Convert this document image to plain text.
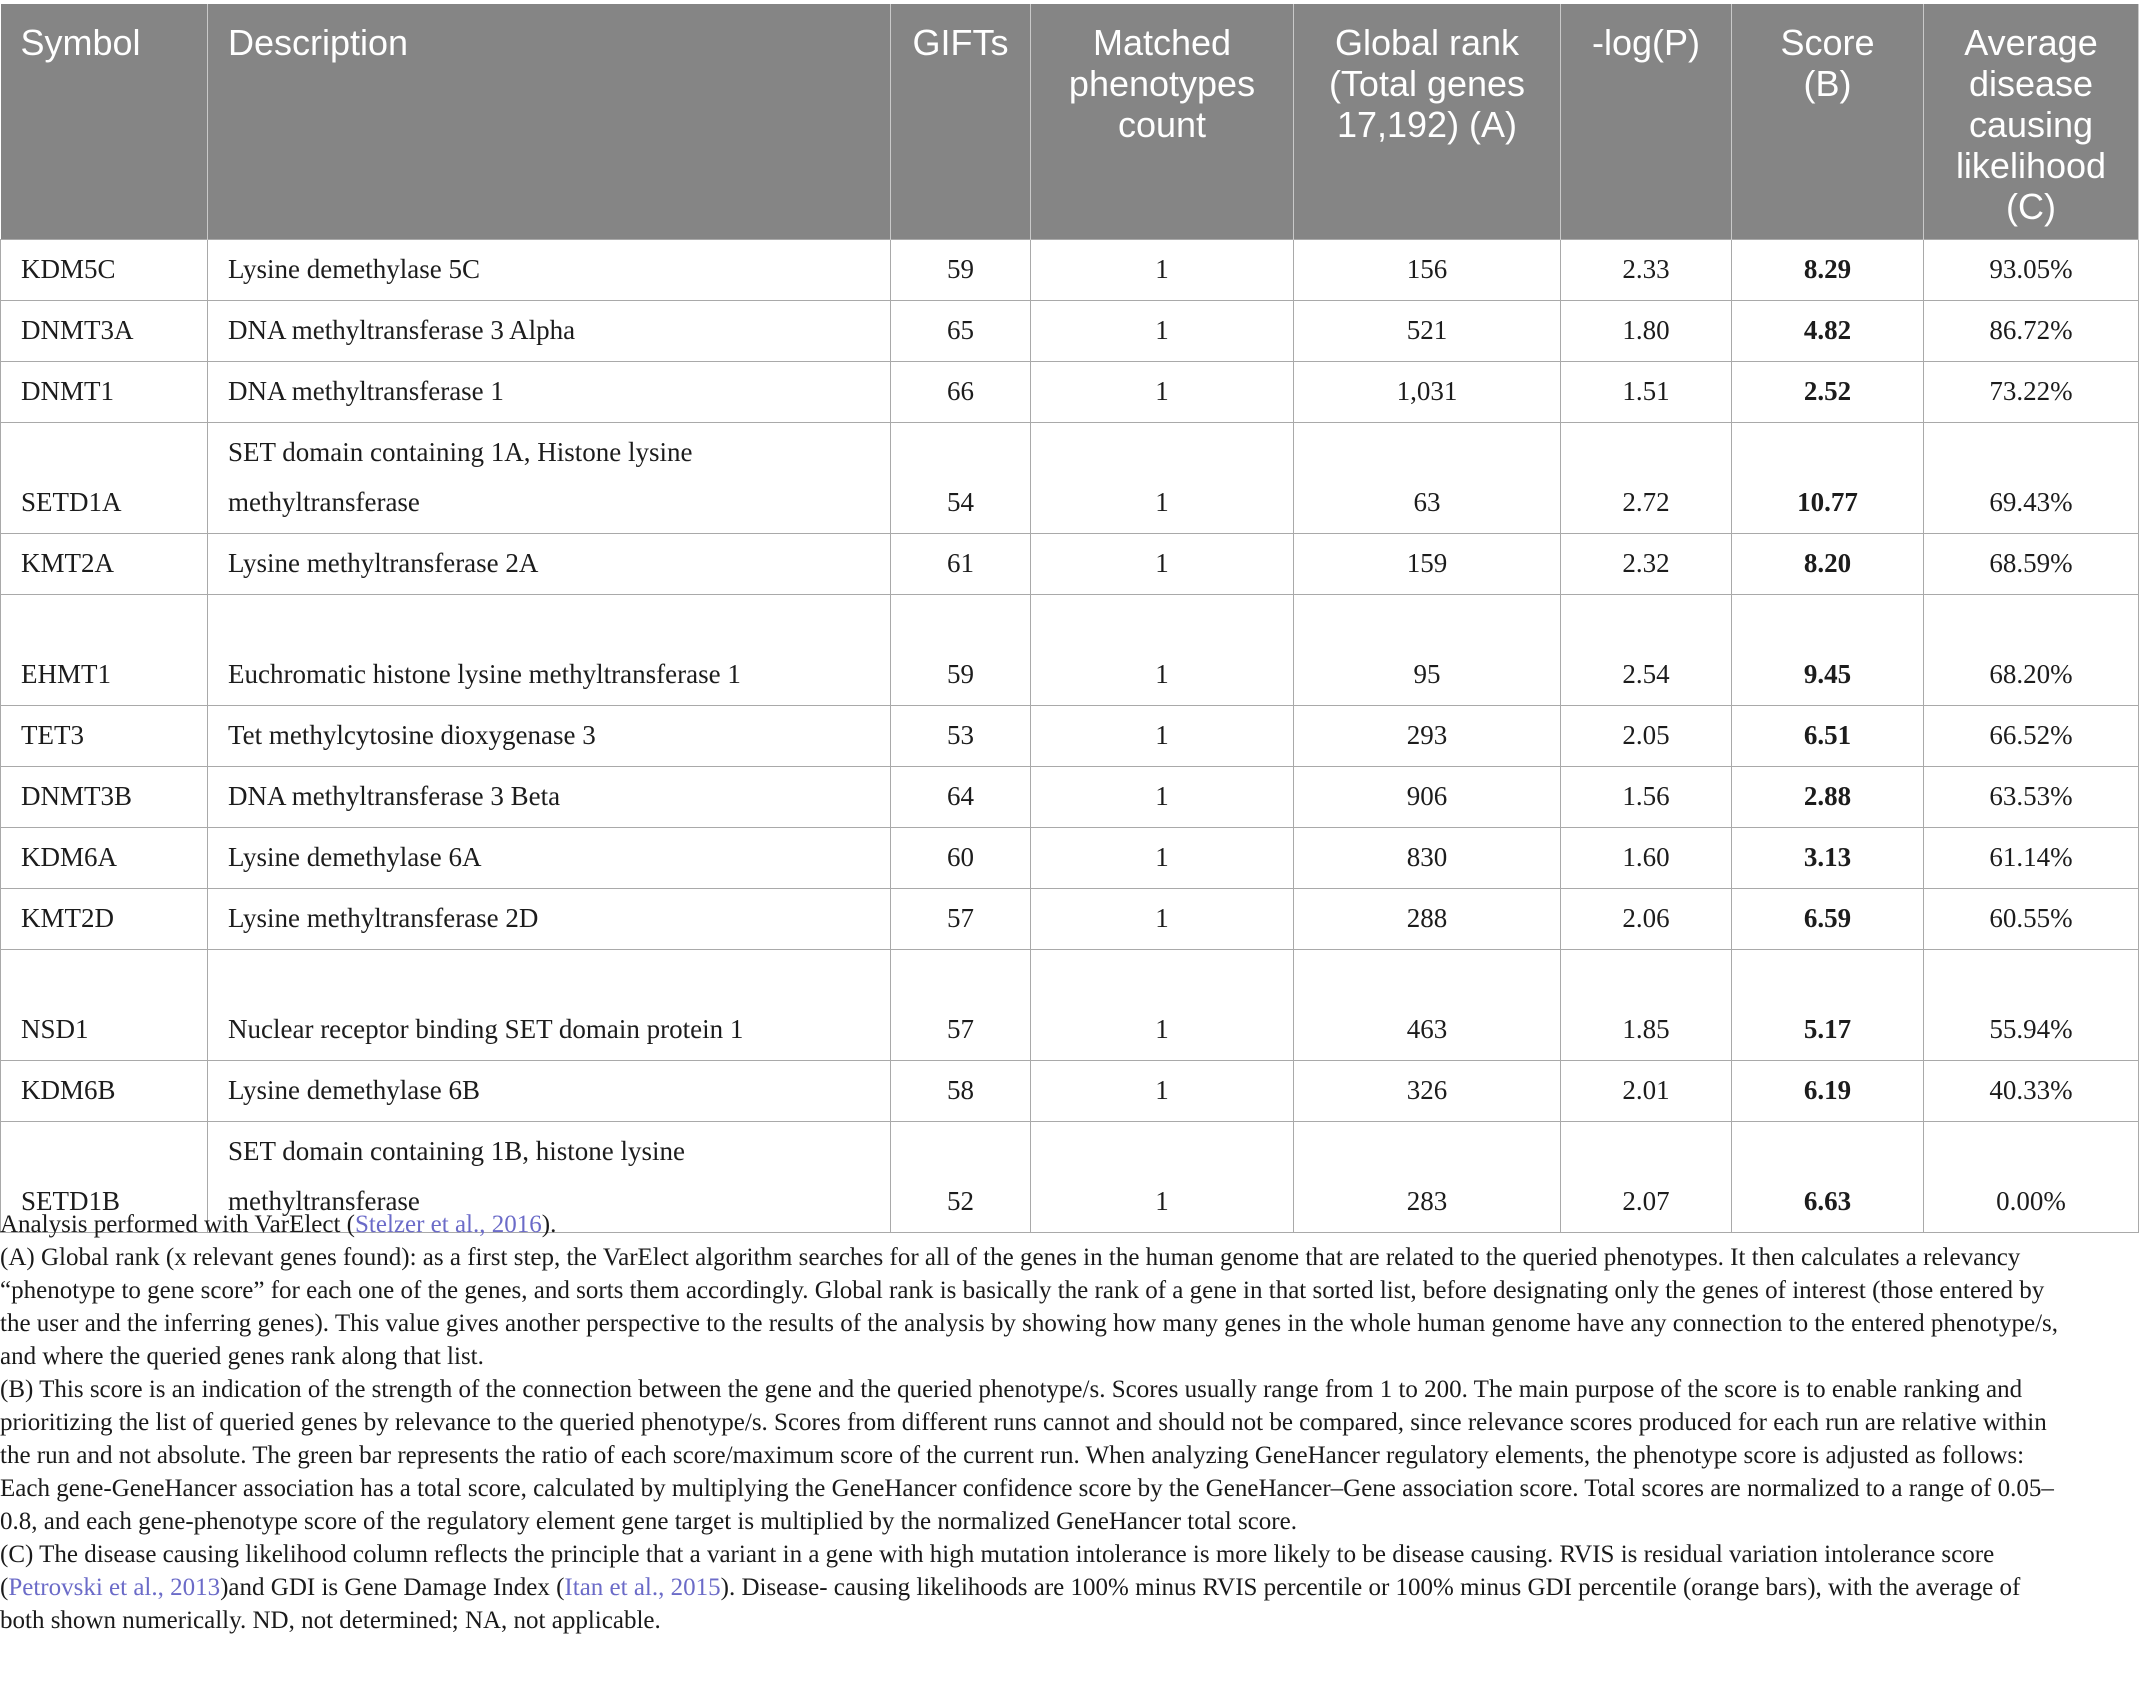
Symbol	Description	GIFTs	Matched phenotypes count	Global rank (Total genes 17,192) (A)	-log(P)	Score (B)	Average disease causing likelihood (C)
KDM5C	Lysine demethylase 5C	59	1	156	2.33	8.29	93.05%
DNMT3A	DNA methyltransferase 3 Alpha	65	1	521	1.80	4.82	86.72%
DNMT1	DNA methyltransferase 1	66	1	1,031	1.51	2.52	73.22%
SETD1A	SET domain containing 1A, Histone lysine methyltransferase	54	1	63	2.72	10.77	69.43%
KMT2A	Lysine methyltransferase 2A	61	1	159	2.32	8.20	68.59%
EHMT1	Euchromatic histone lysine methyltransferase 1	59	1	95	2.54	9.45	68.20%
TET3	Tet methylcytosine dioxygenase 3	53	1	293	2.05	6.51	66.52%
DNMT3B	DNA methyltransferase 3 Beta	64	1	906	1.56	2.88	63.53%
KDM6A	Lysine demethylase 6A	60	1	830	1.60	3.13	61.14%
KMT2D	Lysine methyltransferase 2D	57	1	288	2.06	6.59	60.55%
NSD1	Nuclear receptor binding SET domain protein 1	57	1	463	1.85	5.17	55.94%
KDM6B	Lysine demethylase 6B	58	1	326	2.01	6.19	40.33%
SETD1B	SET domain containing 1B, histone lysine methyltransferase	52	1	283	2.07	6.63	0.00%

Analysis performed with VarElect (Stelzer et al., 2016).

(A) Global rank (x relevant genes found): as a first step, the VarElect algorithm searches for all of the genes in the human genome that are related to the queried phenotypes. It then calculates a relevancy “phenotype to gene score” for each one of the genes, and sorts them accordingly. Global rank is basically the rank of a gene in that sorted list, before designating only the genes of interest (those entered by the user and the inferring genes). This value gives another perspective to the results of the analysis by showing how many genes in the whole human genome have any connection to the entered phenotype/s, and where the queried genes rank along that list.

(B) This score is an indication of the strength of the connection between the gene and the queried phenotype/s. Scores usually range from 1 to 200. The main purpose of the score is to enable ranking and prioritizing the list of queried genes by relevance to the queried phenotype/s. Scores from different runs cannot and should not be compared, since relevance scores produced for each run are relative within the run and not absolute. The green bar represents the ratio of each score/maximum score of the current run. When analyzing GeneHancer regulatory elements, the phenotype score is adjusted as follows: Each gene-GeneHancer association has a total score, calculated by multiplying the GeneHancer confidence score by the GeneHancer–Gene association score. Total scores are normalized to a range of 0.05–0.8, and each gene-phenotype score of the regulatory element gene target is multiplied by the normalized GeneHancer total score.

(C) The disease causing likelihood column reflects the principle that a variant in a gene with high mutation intolerance is more likely to be disease causing. RVIS is residual variation intolerance score (Petrovski et al., 2013)and GDI is Gene Damage Index (Itan et al., 2015). Disease- causing likelihoods are 100% minus RVIS percentile or 100% minus GDI percentile (orange bars), with the average of both shown numerically. ND, not determined; NA, not applicable.
